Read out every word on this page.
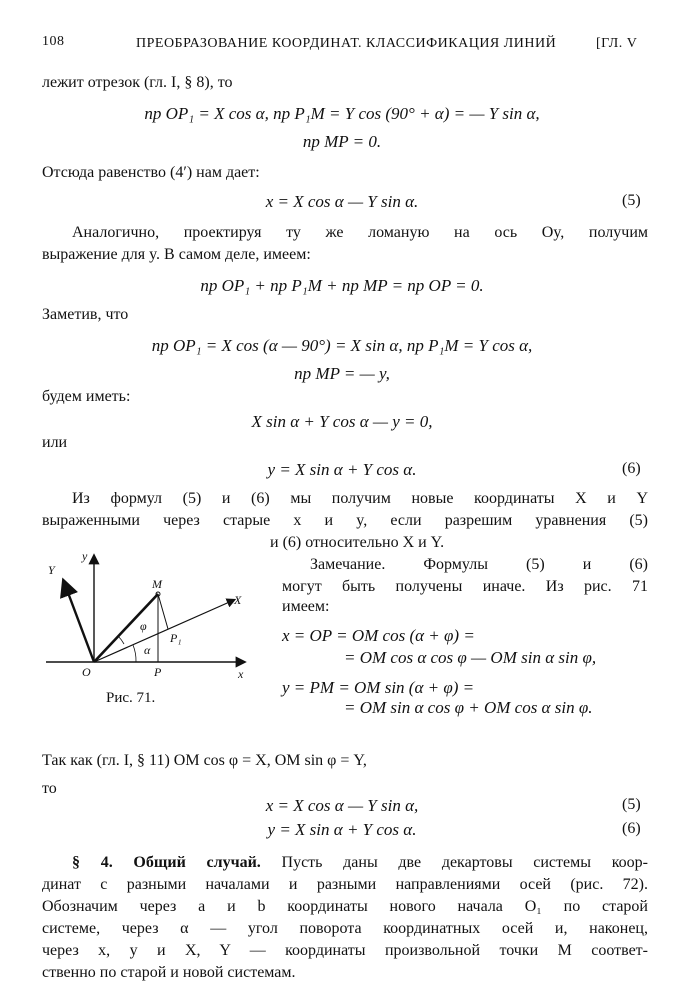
108	ПРЕОБРАЗОВАНИЕ КООРДИНАТ. КЛАССИФИКАЦИЯ ЛИНИЙ	[ГЛ. V
лежит отрезок (гл. I, § 8), то
пр OP₁ = X cos α, пр P₁M = Y cos (90° + α) = — Y sin α,
пр MP = 0.
Отсюда равенство (4′) нам дает:
x = X cos α — Y sin α.	(5)
Аналогично, проектируя ту же ломаную на ось Oy, получим
выражение для y. В самом деле, имеем:
пр OP₁ + пр P₁M + пр MP = пр OP = 0.
Заметив, что
пр OP₁ = X cos (α — 90°) = X sin α, пр P₁M = Y cos α,
пр MP = — y,
будем иметь:
X sin α + Y cos α — y = 0,
или
y = X sin α + Y cos α.	(6)
Из формул (5) и (6) мы получим новые координаты X и Y
выраженными через старые x и y, если разрешим уравнения (5)
и (6) относительно X и Y.
y
Y
X
x
M
P₁
O	P
φ
α
Рис. 71.
Замечание. Формулы (5) и (6)
могут быть получены иначе. Из рис. 71
имеем:
x = OP = OM cos (α + φ) =
= OM cos α cos φ — OM sin α sin φ,
y = PM = OM sin (α + φ) =
= OM sin α cos φ + OM cos α sin φ.
Так как (гл. I, § 11) OM cos φ = X, OM sin φ = Y,
то
x = X cos α — Y sin α,	(5)
y = X sin α + Y cos α.	(6)
§ 4. Общий случай. Пусть даны две декартовы системы коор-
динат с разными началами и разными направлениями осей (рис. 72).
Обозначим через a и b координаты нового начала O₁ по старой
системе, через α — угол поворота координатных осей и, наконец,
через x, y и X, Y — координаты произвольной точки M соответ-
ственно по старой и новой системам.
